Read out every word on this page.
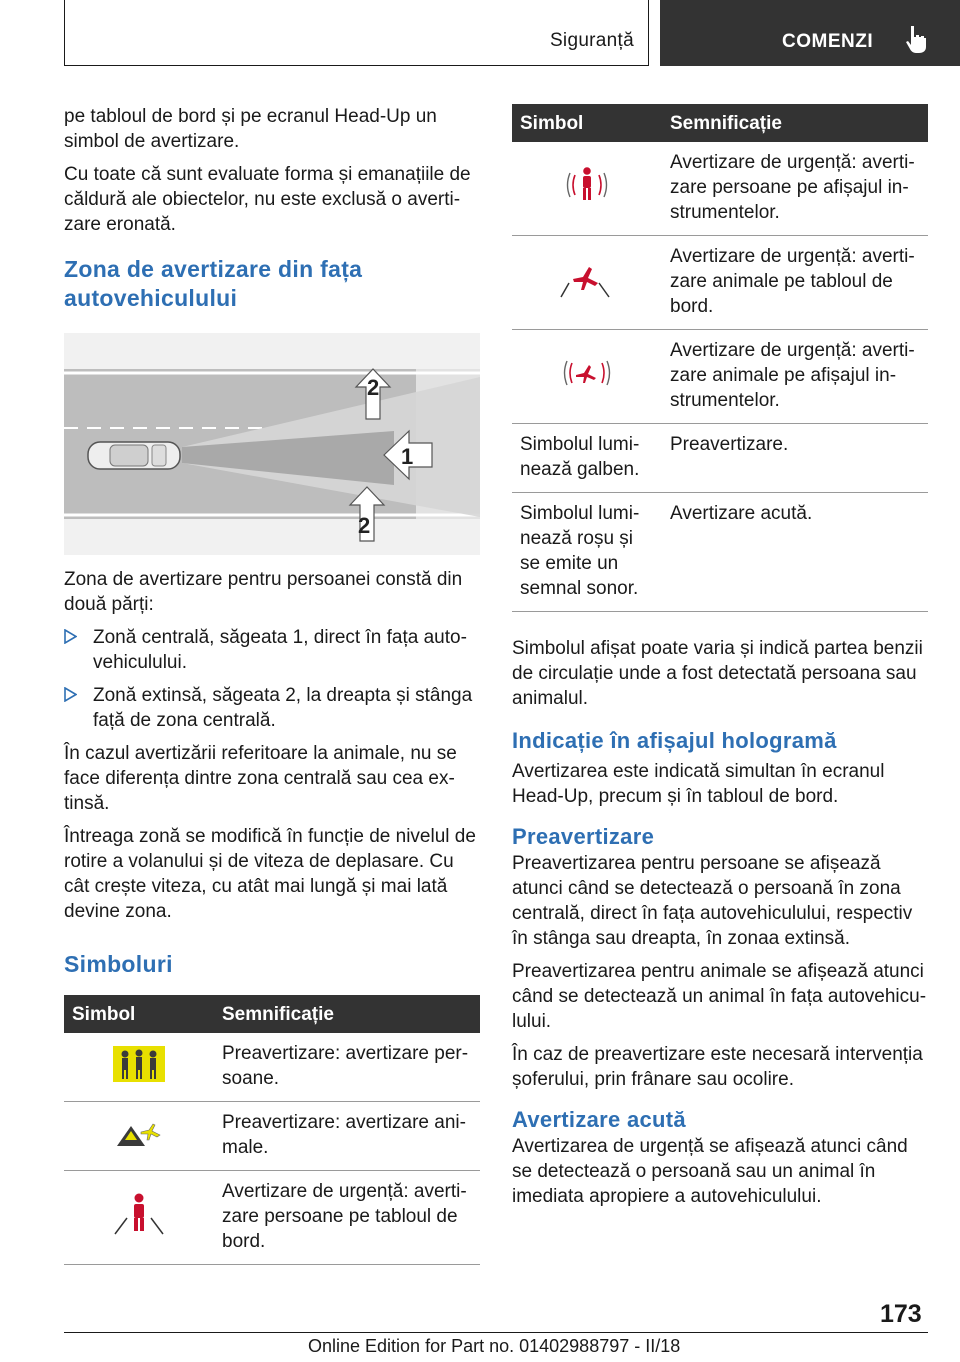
Siguranță	COMENZI

pe tabloul de bord și pe ecranul Head-Up un simbol de avertizare.

Cu toate că sunt evaluate forma și emanațiile de căldură ale obiectelor, nu este exclusă o avertizare eronată.

Zona de avertizare din fața autovehiculului
2
1
2

Zona de avertizare pentru persoanei constă din două părți:

Zonă centrală, săgeata 1, direct în fața autovehiculului.
Zonă extinsă, săgeata 2, la dreapta și stânga față de zona centrală.

În cazul avertizării referitoare la animale, nu se face diferența dintre zona centrală sau cea extinsă.

Întreaga zonă se modifică în funcție de nivelul de rotire a volanului și de viteza de deplasare. Cu cât crește viteza, cu atât mai lungă și mai lată devine zona.

Simboluri
Simbol	Semnificație
	Preavertizare: avertizare persoane.
	Preavertizare: avertizare animale.
	Avertizare de urgență: avertizare persoane pe tabloul de bord.
Simbol	Semnificație
	Avertizare de urgență: avertizare persoane pe afișajul instrumentelor.
	Avertizare de urgență: avertizare animale pe tabloul de bord.
	Avertizare de urgență: avertizare animale pe afișajul instrumentelor.
Simbolul luminează galben.	Preavertizare.
Simbolul luminează roșu și se emite un semnal sonor.	Avertizare acută.

Simbolul afișat poate varia și indică partea benzii de circulație unde a fost detectată persoana sau animalul.

Indicație în afișajul hologramă

Avertizarea este indicată simultan în ecranul Head-Up, precum și în tabloul de bord.

Preavertizare

Preavertizarea pentru persoane se afișează atunci când se detectează o persoană în zona centrală, direct în fața autovehiculului, respectiv în stânga sau dreapta, în zonaa extinsă.

Preavertizarea pentru animale se afișează atunci când se detectează un animal în fața autovehiculului.

În caz de preavertizare este necesară intervenția șoferului, prin frânare sau ocolire.

Avertizare acută

Avertizarea de urgență se afișează atunci când se detectează o persoană sau un animal în imediata apropiere a autovehiculului.

173
Online Edition for Part no. 01402988797 - II/18
